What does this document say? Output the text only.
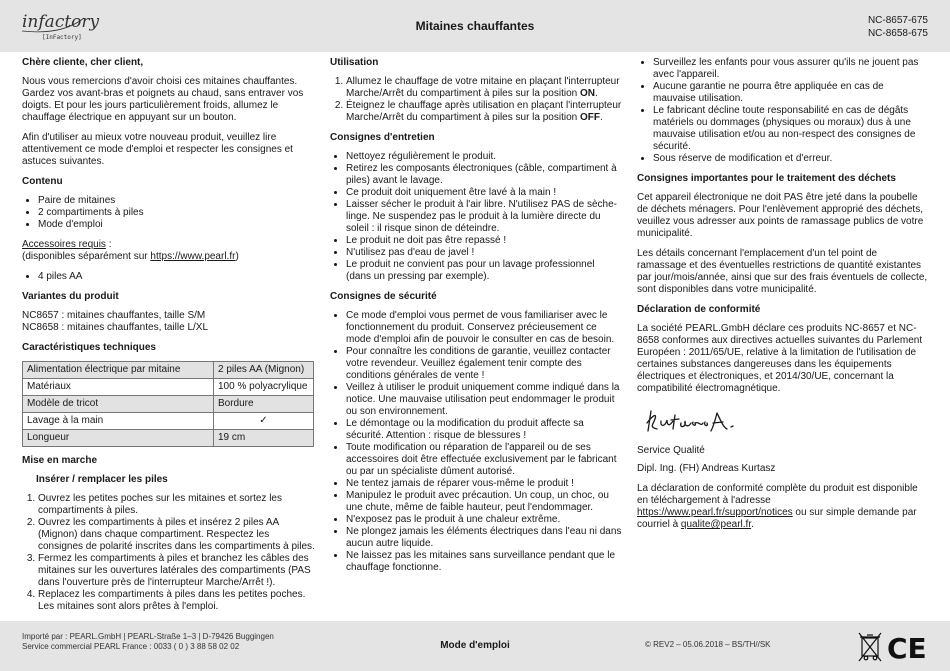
infactory
[InFactory]
Mitaines chauffantes	NC-8657-675
NC-8658-675
Chère cliente, cher client,

Nous vous remercions d'avoir choisi ces mitaines chauffantes. Gardez vos avant-bras et poignets au chaud, sans entraver vos doigts. Et pour les jours particulièrement froids, allumez le chauffage électrique en appuyant sur un bouton.

Afin d'utiliser au mieux votre nouveau produit, veuillez lire attentivement ce mode d'emploi et respecter les consignes et astuces suivantes.

Contenu
• Paire de mitaines
• 2 compartiments à piles
• Mode d'emploi
Accessoires requis :

(disponibles séparément sur https://www.pearl.fr)

• 4 piles AA
Variantes du produit

NC8657 : mitaines chauffantes, taille S/M
NC8658 : mitaines chauffantes, taille L/XL

Caractéristiques techniques
Alimentation électrique par mitaine	2 piles AA (Mignon)
Matériaux	100 % polyacrylique
Modèle de tricot	Bordure
Lavage à la main	✓
Longueur	19 cm
Mise en marche
Insérer / remplacer les piles
1. Ouvrez les petites poches sur les mitaines et sortez les compartiments à piles.
2. Ouvrez les compartiments à piles et insérez 2 piles AA (Mignon) dans chaque compartiment. Respectez les consignes de polarité inscrites dans les compartiments à piles.
3. Fermez les compartiments à piles et branchez les câbles des mitaines sur les ouvertures latérales des compartiments (PAS dans l'ouverture près de l'interrupteur Marche/Arrêt !).
4. Replacez les compartiments à piles dans les petites poches. Les mitaines sont alors prêtes à l'emploi.
Utilisation
1. Allumez le chauffage de votre mitaine en plaçant l'interrupteur Marche/Arrêt du compartiment à piles sur la position ON.
2. Éteignez le chauffage après utilisation en plaçant l'interrupteur Marche/Arrêt du compartiment à piles sur la position OFF.
Consignes d'entretien
• Nettoyez régulièrement le produit.
• Retirez les composants électroniques (câble, compartiment à piles) avant le lavage.
• Ce produit doit uniquement être lavé à la main !
• Laisser sécher le produit à l'air libre. N'utilisez PAS de sèche-linge. Ne suspendez pas le produit à la lumière directe du soleil : il risque sinon de déteindre.
• Le produit ne doit pas être repassé !
• N'utilisez pas d'eau de javel !
• Le produit ne convient pas pour un lavage professionnel (dans un pressing par exemple).
Consignes de sécurité
• Ce mode d'emploi vous permet de vous familiariser avec le fonctionnement du produit. Conservez précieusement ce mode d'emploi afin de pouvoir le consulter en cas de besoin.
• Pour connaître les conditions de garantie, veuillez contacter votre revendeur. Veuillez également tenir compte des conditions générales de vente !
• Veillez à utiliser le produit uniquement comme indiqué dans la notice. Une mauvaise utilisation peut endommager le produit ou son environnement.
• Le démontage ou la modification du produit affecte sa sécurité. Attention : risque de blessures !
• Toute modification ou réparation de l'appareil ou de ses accessoires doit être effectuée exclusivement par le fabricant ou par un spécialiste dûment autorisé.
• Ne tentez jamais de réparer vous-même le produit !
• Manipulez le produit avec précaution. Un coup, un choc, ou une chute, même de faible hauteur, peut l'endommager.
• N'exposez pas le produit à une chaleur extrême.
• Ne plongez jamais les éléments électriques dans l'eau ni dans aucun autre liquide.
• Ne laissez pas les mitaines sans surveillance pendant que le chauffage fonctionne.
• Surveillez les enfants pour vous assurer qu'ils ne jouent pas avec l'appareil.
• Aucune garantie ne pourra être appliquée en cas de mauvaise utilisation.
• Le fabricant décline toute responsabilité en cas de dégâts matériels ou dommages (physiques ou moraux) dus à une mauvaise utilisation et/ou au non-respect des consignes de sécurité.
• Sous réserve de modification et d'erreur.
Consignes importantes pour le traitement des déchets

Cet appareil électronique ne doit PAS être jeté dans la poubelle de déchets ménagers. Pour l'enlèvement approprié des déchets, veuillez vous adresser aux points de ramassage publics de votre municipalité.

Les détails concernant l'emplacement d'un tel point de ramassage et des éventuelles restrictions de quantité existantes par jour/mois/année, ainsi que sur des frais éventuels de collecte, sont disponibles dans votre municipalité.

Déclaration de conformité

La société PEARL.GmbH déclare ces produits NC-8657 et NC-8658 conformes aux directives actuelles suivantes du Parlement Européen : 2011/65/UE, relative à la limitation de l'utilisation de certaines substances dangereuses dans les équipements électriques et électroniques, et 2014/30/UE, concernant la compatibilité électromagnétique.

Service Qualité

Dipl. Ing. (FH) Andreas Kurtasz

La déclaration de conformité complète du produit est disponible en téléchargement à l'adresse https://www.pearl.fr/support/notices ou sur simple demande par courriel à qualite@pearl.fr.

Importé par : PEARL.GmbH | PEARL-Straße 1–3 | D-79426 Buggingen
Service commercial PEARL France : 0033 ( 0 ) 3 88 58 02 02	Mode d'emploi	© REV2 – 05.06.2018 – BS/TH//SK	CE
